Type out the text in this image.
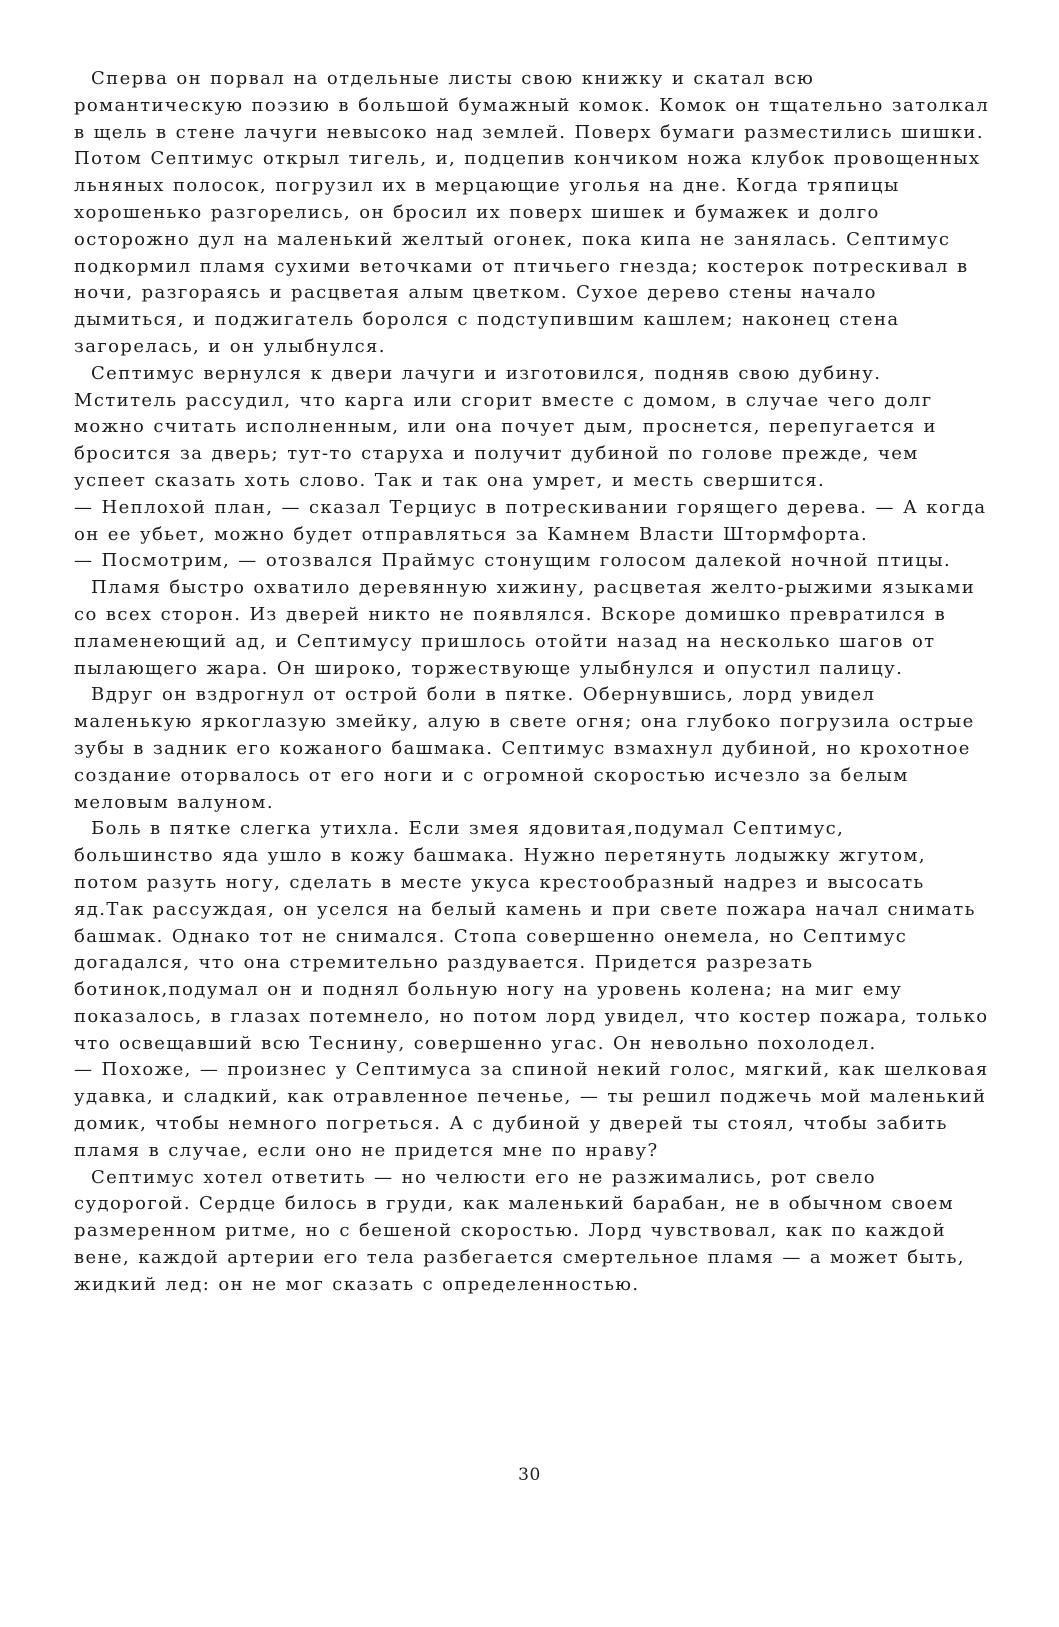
Сперва он порвал на отдельные листы свою книжку и скатал всю романтическую поэзию в большой бумажный комок. Комок он тщательно затолкал в щель в стене лачуги невысоко над землей. Поверх бумаги разместились шишки. Потом Септимус открыл тигель, и, подцепив кончиком ножа клубок провощенных льняных полосок, погрузил их в мерцающие уголья на дне. Когда тряпицы хорошенько разгорелись, он бросил их поверх шишек и бумажек и долго осторожно дул на маленький желтый огонек, пока кипа не занялась. Септимус подкормил пламя сухими веточками от птичьего гнезда; костерок потрескивал в ночи, разгораясь и расцветая алым цветком. Сухое дерево стены начало дымиться, и поджигатель боролся с подступившим кашлем; наконец стена загорелась, и он улыбнулся.

Септимус вернулся к двери лачуги и изготовился, подняв свою дубину. Мститель рассудил, что карга или сгорит вместе с домом, в случае чего долг можно считать исполненным, или она почует дым, проснется, перепугается и бросится за дверь; тут-то старуха и получит дубиной по голове прежде, чем успеет сказать хоть слово. Так и так она умрет, и месть свершится.

— Неплохой план, — сказал Терциус в потрескивании горящего дерева. — А когда он ее убьет, можно будет отправляться за Камнем Власти Штормфорта.

— Посмотрим, — отозвался Праймус стонущим голосом далекой ночной птицы.

Пламя быстро охватило деревянную хижину, расцветая желто-рыжими языками со всех сторон. Из дверей никто не появлялся. Вскоре домишко превратился в пламенеющий ад, и Септимусу пришлось отойти назад на несколько шагов от пылающего жара. Он широко, торжествующе улыбнулся и опустил палицу.

Вдруг он вздрогнул от острой боли в пятке. Обернувшись, лорд увидел маленькую яркоглазую змейку, алую в свете огня; она глубоко погрузила острые зубы в задник его кожаного башмака. Септимус взмахнул дубиной, но крохотное создание оторвалось от его ноги и с огромной скоростью исчезло за белым меловым валуном.

Боль в пятке слегка утихла. Если змея ядовитая,подумал Септимус, большинство яда ушло в кожу башмака. Нужно перетянуть лодыжку жгутом, потом разуть ногу, сделать в месте укуса крестообразный надрез и высосать яд.Так рассуждая, он уселся на белый камень и при свете пожара начал снимать башмак. Однако тот не снимался. Стопа совершенно онемела, но Септимус догадался, что она стремительно раздувается. Придется разрезать ботинок,подумал он и поднял больную ногу на уровень колена; на миг ему показалось, в глазах потемнело, но потом лорд увидел, что костер пожара, только что освещавший всю Теснину, совершенно угас. Он невольно похолодел.

— Похоже, — произнес у Септимуса за спиной некий голос, мягкий, как шелковая удавка, и сладкий, как отравленное печенье, — ты решил поджечь мой маленький домик, чтобы немного погреться. А с дубиной у дверей ты стоял, чтобы забить пламя в случае, если оно не придется мне по нраву?

Септимус хотел ответить — но челюсти его не разжимались, рот свело судорогой. Сердце билось в груди, как маленький барабан, не в обычном своем размеренном ритме, но с бешеной скоростью. Лорд чувствовал, как по каждой вене, каждой артерии его тела разбегается смертельное пламя — а может быть, жидкий лед: он не мог сказать с определенностью.

30
